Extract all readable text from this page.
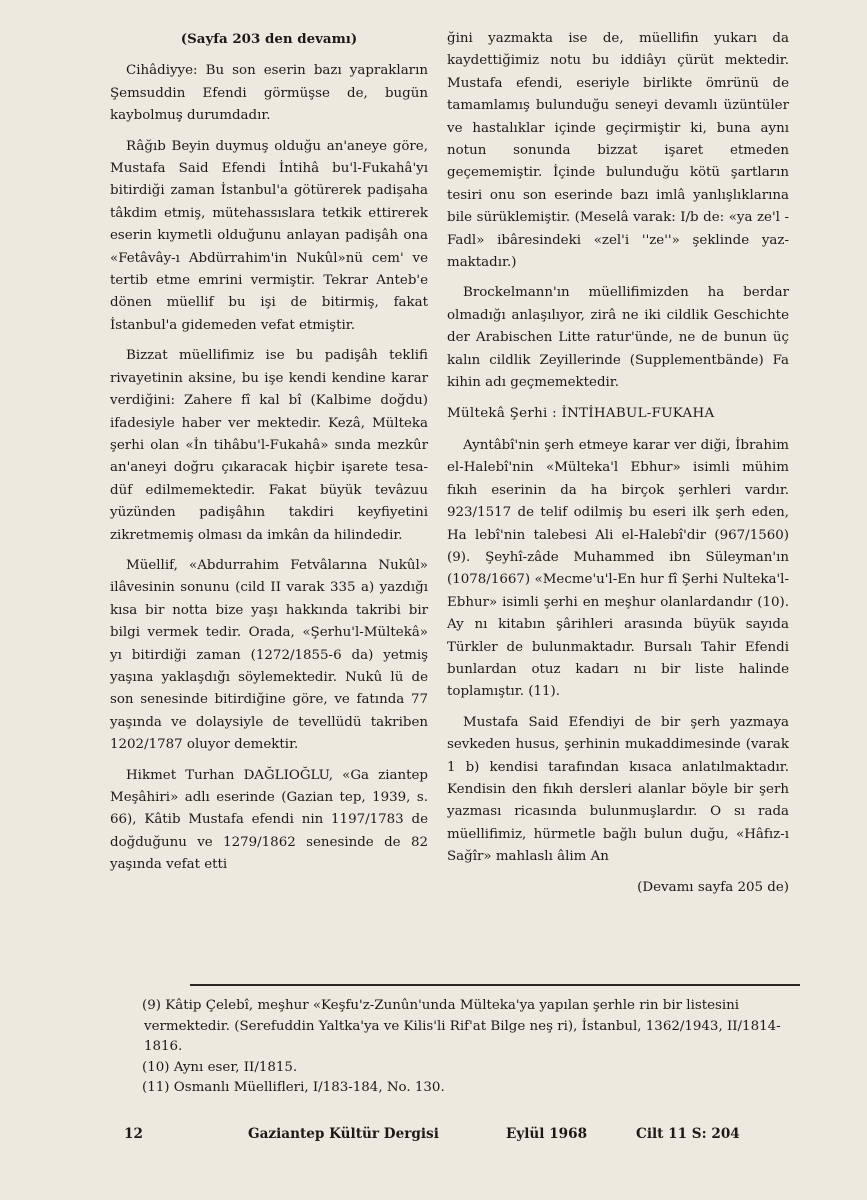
(Sayfa 203 den devamı)

Cihâdiyye: Bu son eserin bazı yaprakların Şemsuddin Efendi görmüşse de, bugün kaybolmuş durumdadır.

Râğıb Beyin duymuş olduğu an'aneye göre, Mustafa Said Efendi İntihâ bu'l-Fukahâ'yı bitirdiği zaman İstanbul'a götürerek padişaha tâkdim etmiş, mütehassıslara tetkik ettirerek eserin kıymetli olduğunu anlayan padişâh ona «Fetâvây-ı Abdürrahim'in Nukûl»nü cem' ve tertib etme emrini vermiştir. Tekrar Anteb'e dönen müellif bu işi de bitirmiş, fakat İstanbul'a gidemeden vefat etmiştir.

Bizzat müellifimiz ise bu padişâh teklifi rivayetinin aksine, bu işe kendi kendine karar verdiğini: Zahere fî kal bî (Kalbime doğdu) ifadesiyle haber ver mektedir. Kezâ, Mülteka şerhi olan «İn tihâbu'l-Fukahâ» sında mezkûr an'aneyi doğru çıkaracak hiçbir işarete tesadüf edilmemektedir. Fakat büyük tevâzuu yüzünden padişâhın takdiri keyfiyetini zikretmemiş olması da imkân da hilindedir.

Müellif, «Abdurrahim Fetvâlarına Nukûl» ilâvesinin sonunu (cild II varak 335 a) yazdığı kısa bir notta bize yaşı hakkında takribi bir bilgi vermek tedir. Orada, «Şerhu'l-Mültekâ» yı bitirdiği zaman (1272/1855-6 da) yetmiş yaşına yaklaşdığı söylemektedir. Nukû lü de son senesinde bitirdiğine göre, ve fatında 77 yaşında ve dolaysiyle de tevellüdü takriben 1202/1787 oluyor demektir.

Hikmet Turhan DAĞLIOĞLU, «Ga ziantep Meşâhiri» adlı eserinde (Gazian tep, 1939, s. 66), Kâtib Mustafa efendi nin 1197/1783 de doğduğunu ve 1279/1862 senesinde de 82 yaşında vefat etti

ğini yazmakta ise de, müellifin yukarı da kaydettiğimiz notu bu iddiâyı çürüt mektedir. Mustafa efendi, eseriyle birlikte ömrünü de tamamlamış bulunduğu seneyi devamlı üzüntüler ve hastalıklar içinde geçirmiştir ki, buna aynı notun sonunda bizzat işaret etmeden geçememiştir. İçinde bulunduğu kötü şartların tesiri onu son eserinde bazı imlâ yanlışlıklarına bile sürüklemiştir. (Meselâ varak: I/b de: «ya ze'l - Fadl» ibâresindeki «zel'i ''ze''» şeklinde yazmaktadır.)

Brockelmann'ın müellifimizden ha berdar olmadığı anlaşılıyor, zirâ ne iki cildlik Geschichte der Arabischen Litte ratur'ünde, ne de bunun üç kalın cildlik Zeyillerinde (Supplementbände) Fa kihin adı geçmemektedir.

Mültekâ Şerhi : İNTİHABUL-FUKAHA

Ayntâbî'nin şerh etmeye karar ver diği, İbrahim el-Halebî'nin «Mülteka'l Ebhur» isimli mühim fıkıh eserinin da ha birçok şerhleri vardır. 923/1517 de telif odilmiş bu eseri ilk şerh eden, Ha lebî'nin talebesi Ali el-Halebî'dir (967/1560) (9). Şeyhî-zâde Muhammed ibn Süleyman'ın (1078/1667) «Mecme'u'l-En hur fî Şerhi Nulteka'l-Ebhur» isimli şerhi en meşhur olanlardandır (10). Ay nı kitabın şârihleri arasında büyük sayıda Türkler de bulunmaktadır. Bursalı Tahir Efendi bunlardan otuz kadarı nı bir liste halinde toplamıştır. (11).

Mustafa Said Efendiyi de bir şerh yazmaya sevkeden husus, şerhinin mukaddimesinde (varak 1 b) kendisi tarafından kısaca anlatılmaktadır. Kendisin den fıkıh dersleri alanlar böyle bir şerh yazması ricasında bulunmuşlardır. O sı rada müellifimiz, hürmetle bağlı bulun duğu, «Hâfız-ı Sağîr» mahlaslı âlim An

(Devamı sayfa 205 de)

(9) Kâtip Çelebî, meşhur «Keşfu'z-Zunûn'unda Mülteka'ya yapılan şerhle rin bir listesini vermektedir. (Serefuddin Yaltka'ya ve Kilis'li Rif'at Bilge neş ri), İstanbul, 1362/1943, II/1814-1816.

(10) Aynı eser, II/1815.

(11) Osmanlı Müellifleri, I/183-184, No. 130.

12	Gaziantep Kültür Dergisi	Eylül 1968	Cilt 11 S: 204
